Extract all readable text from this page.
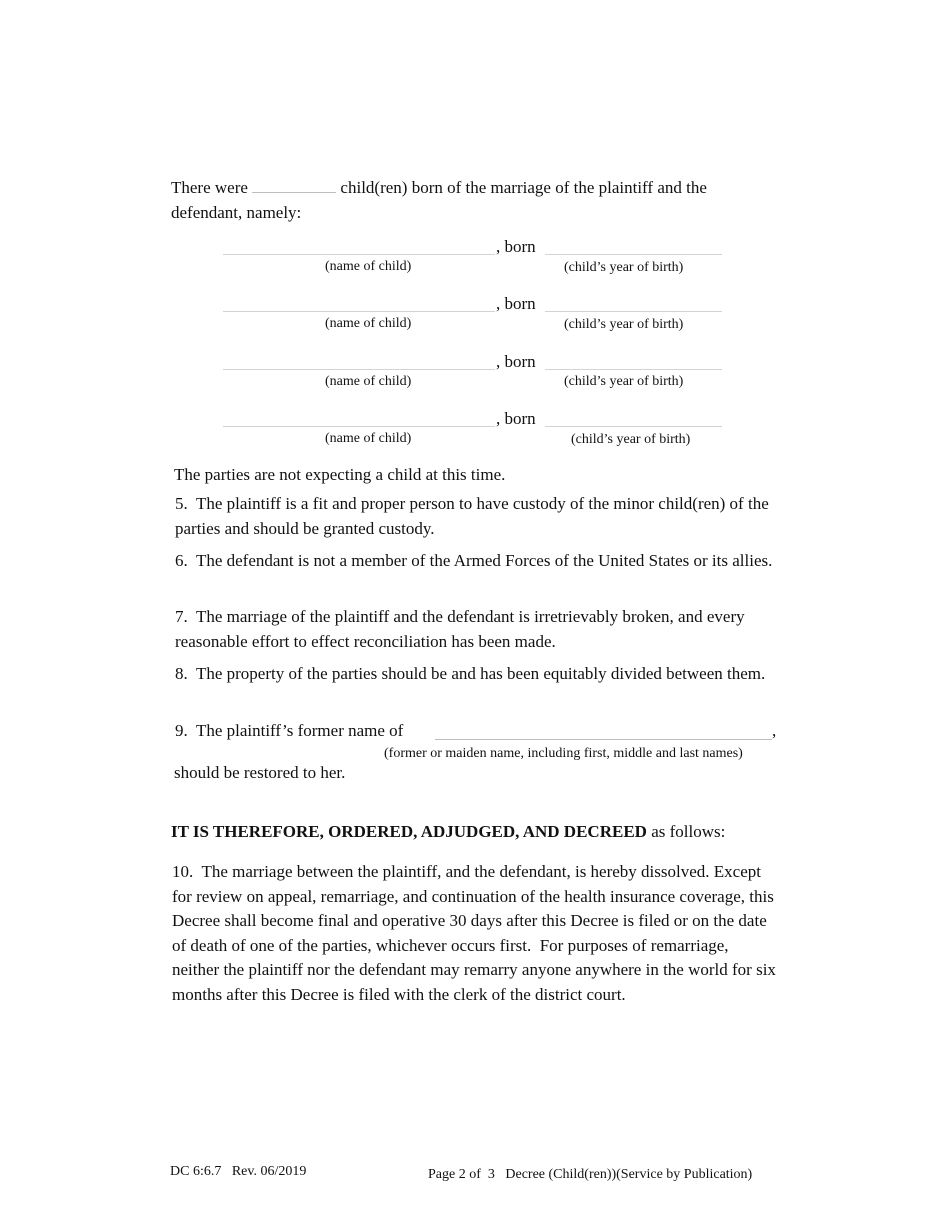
There were	child(ren) born of the marriage of the plaintiff and the
defendant, namely:
, born
(name of child)	(child’s year of birth)
, born
(name of child)	(child’s year of birth)
, born
(name of child)	(child’s year of birth)
, born
(name of child)	(child’s year of birth)
The parties are not expecting a child at this time.
5.  The plaintiff is a fit and proper person to have custody of the minor child(ren) of the parties and should be granted custody.
6.  The defendant is not a member of the Armed Forces of the United States or its allies.
7.  The marriage of the plaintiff and the defendant is irretrievably broken, and every reasonable effort to effect reconciliation has been made.
8.  The property of the parties should be and has been equitably divided between them.
9.  The plaintiff’s former name of	,
(former or maiden name, including first, middle and last names)
should be restored to her.
IT IS THEREFORE, ORDERED, ADJUDGED, AND DECREED as follows:
10.  The marriage between the plaintiff, and the defendant, is hereby dissolved. Except for review on appeal, remarriage, and continuation of the health insurance coverage, this Decree shall become final and operative 30 days after this Decree is filed or on the date of death of one of the parties, whichever occurs first.  For purposes of remarriage, neither the plaintiff nor the defendant may remarry anyone anywhere in the world for six months after this Decree is filed with the clerk of the district court.
DC 6:6.7   Rev. 06/2019	Page 2 of  3   Decree (Child(ren))(Service by Publication)
